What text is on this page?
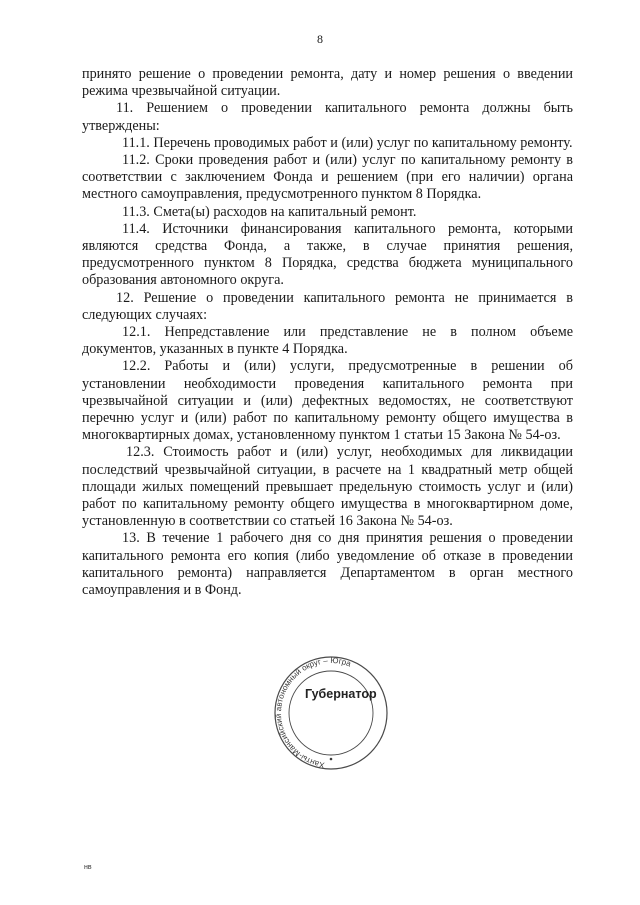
8

принято решение о проведении ремонта, дату и номер решения о введении режима чрезвычайной ситуации.

11. Решением о проведении капитального ремонта должны быть утверждены:

11.1. Перечень проводимых работ и (или) услуг по капитальному ремонту.

11.2. Сроки проведения работ и (или) услуг по капитальному ремонту в соответствии с заключением Фонда и решением (при его наличии) органа местного самоуправления, предусмотренного пунктом 8 Порядка.

11.3. Смета(ы) расходов на капитальный ремонт.

11.4. Источники финансирования капитального ремонта, которыми являются средства Фонда, а также, в случае принятия решения, предусмотренного пунктом 8 Порядка, средства бюджета муниципального образования автономного округа.

12. Решение о проведении капитального ремонта не принимается в следующих случаях:

12.1. Непредставление или представление не в полном объеме документов, указанных в пункте 4 Порядка.

12.2. Работы и (или) услуги, предусмотренные в решении об установлении необходимости проведения капитального ремонта при чрезвычайной ситуации и (или) дефектных ведомостях, не соответствуют перечню услуг и (или) работ по капитальному ремонту общего имущества в многоквартирных домах, установленному пунктом 1 статьи 15 Закона № 54-оз.

12.3. Стоимость работ и (или) услуг, необходимых для ликвидации последствий чрезвычайной ситуации, в расчете на 1 квадратный метр общей площади жилых помещений превышает предельную стоимость услуг и (или) работ по капитальному ремонту общего имущества в многоквартирном доме, установленную в соответствии со статьей 16 Закона № 54-оз.

13. В течение 1 рабочего дня со дня принятия решения о проведении капитального ремонта его копия (либо уведомление об отказе в проведении капитального ремонта) направляется Департаментом в орган местного самоуправления и в Фонд.

Ханты-Мансийский автономный округ – Югра
Губернатор
нв
